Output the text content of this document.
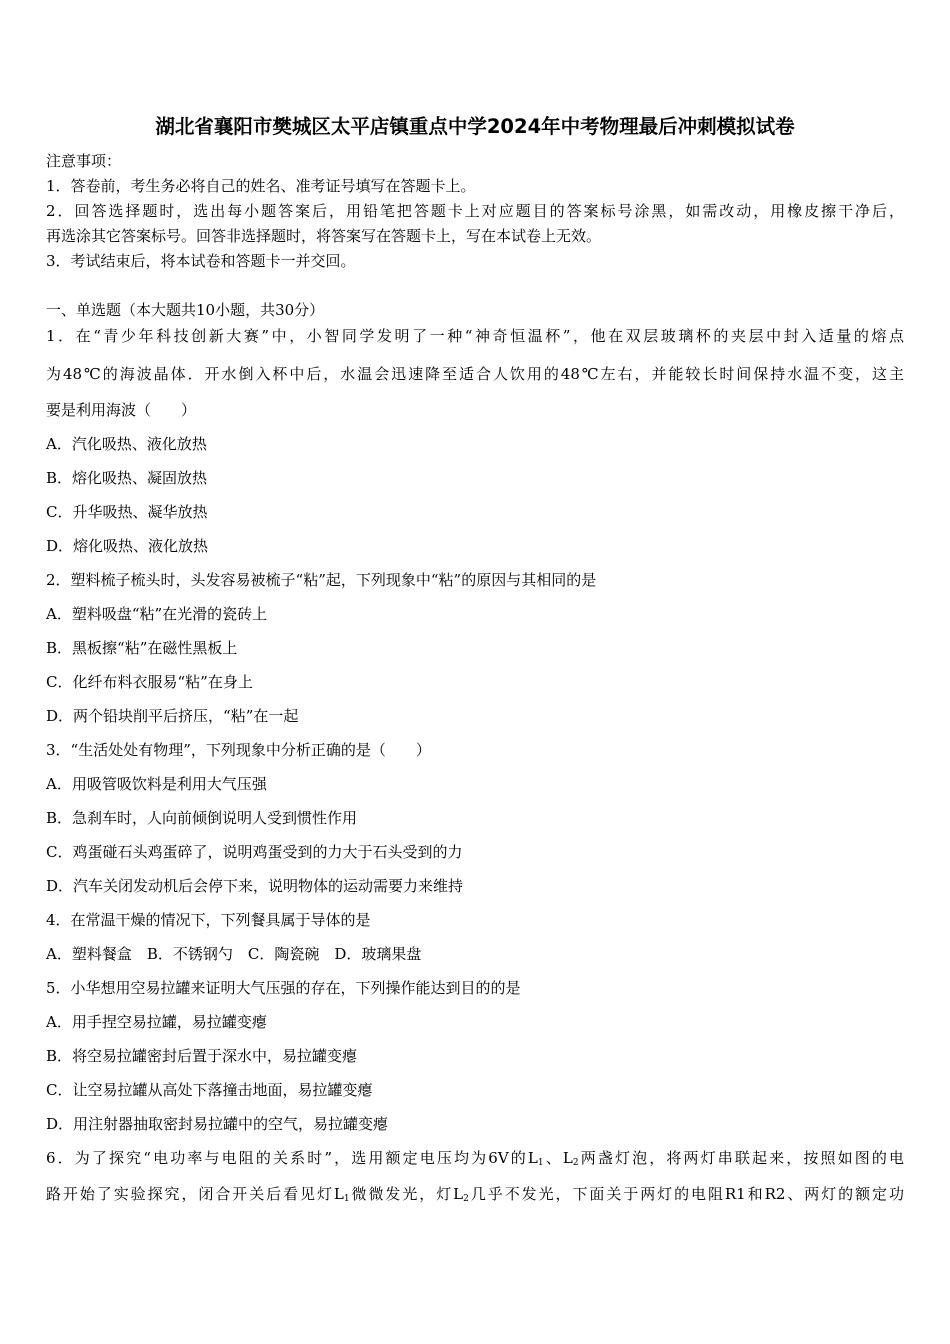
湖北省襄阳市樊城区太平店镇重点中学2024年中考物理最后冲刺模拟试卷
注意事项：
1．答卷前，考生务必将自己的姓名、准考证号填写在答题卡上。
2．回答选择题时，选出每小题答案后，用铅笔把答题卡上对应题目的答案标号涂黑，如需改动，用橡皮擦干净后，
再选涂其它答案标号。回答非选择题时，将答案写在答题卡上，写在本试卷上无效。
3．考试结束后，将本试卷和答题卡一并交回。
一、单选题（本大题共10小题，共30分）
1．在“青少年科技创新大赛”中，小智同学发明了一种“神奇恒温杯”，他在双层玻璃杯的夹层中封入适量的熔点
为48℃的海波晶体．开水倒入杯中后，水温会迅速降至适合人饮用的48℃左右，并能较长时间保持水温不变，这主
要是利用海波（　　）
A．汽化吸热、液化放热
B．熔化吸热、凝固放热
C．升华吸热、凝华放热
D．熔化吸热、液化放热
2．塑料梳子梳头时，头发容易被梳子“粘”起，下列现象中“粘”的原因与其相同的是
A．塑料吸盘“粘”在光滑的瓷砖上
B．黑板擦“粘”在磁性黑板上
C．化纤布料衣服易“粘”在身上
D．两个铅块削平后挤压，“粘”在一起
3．“生活处处有物理”，下列现象中分析正确的是（　　）
A．用吸管吸饮料是利用大气压强
B．急刹车时，人向前倾倒说明人受到惯性作用
C．鸡蛋碰石头鸡蛋碎了，说明鸡蛋受到的力大于石头受到的力
D．汽车关闭发动机后会停下来，说明物体的运动需要力来维持
4．在常温干燥的情况下，下列餐具属于导体的是
A．塑料餐盒　B．不锈钢勺　C．陶瓷碗　D．玻璃果盘
5．小华想用空易拉罐来证明大气压强的存在，下列操作能达到目的的是
A．用手捏空易拉罐，易拉罐变瘪
B．将空易拉罐密封后置于深水中，易拉罐变瘪
C．让空易拉罐从高处下落撞击地面，易拉罐变瘪
D．用注射器抽取密封易拉罐中的空气，易拉罐变瘪
6．为了探究“电功率与电阻的关系时”，选用额定电压均为6V的$L_1$、$L_2$两盏灯泡，将两灯串联起来，按照如图的电
路开始了实验探究，闭合开关后看见灯$L_1$微微发光，灯$L_2$几乎不发光，下面关于两灯的电阻R1和R2、两灯的额定功
